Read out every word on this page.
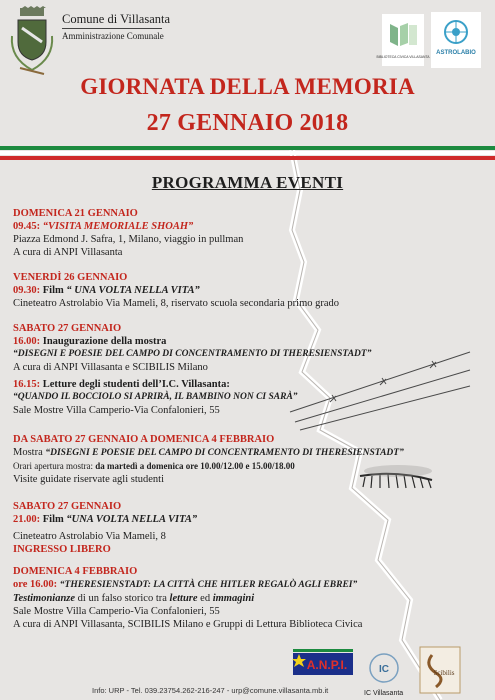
Comune di Villasanta
Amministrazione Comunale
BIBLIOTECA CIVICA VILLASANTA
ASTROLABIO
GIORNATA DELLA MEMORIA
27 GENNAIO 2018
PROGRAMMA EVENTI
DOMENICA 21 GENNAIO
09.45: “VISITA MEMORIALE SHOAH”
Piazza Edmond J. Safra, 1, Milano, viaggio in pullman
A cura di ANPI Villasanta
VENERDÌ 26 GENNAIO
09.30: Film “ UNA VOLTA NELLA VITA”
Cineteatro Astrolabio Via Mameli, 8, riservato scuola secondaria primo grado
SABATO 27 GENNAIO
16.00: Inaugurazione della mostra
“DISEGNI E POESIE DEL CAMPO DI CONCENTRAMENTO DI THERESIENSTADT”
A cura di ANPI Villasanta e SCIBILIS Milano
16.15: Letture degli studenti dell’I.C. Villasanta:
“QUANDO IL BOCCIOLO SI APRIRÀ, IL BAMBINO NON CI SARÀ”
Sale Mostre Villa Camperio-Via Confalonieri, 55
DA SABATO 27 GENNAIO A DOMENICA 4 FEBBRAIO
Mostra “DISEGNI E POESIE DEL CAMPO DI CONCENTRAMENTO DI THERESIENSTADT”
Orari apertura mostra: da martedì a domenica ore 10.00/12.00 e 15.00/18.00
Visite guidate riservate agli studenti
SABATO 27 GENNAIO
21.00: Film “UNA VOLTA NELLA VITA”
Cineteatro Astrolabio Via Mameli, 8
INGRESSO LIBERO
DOMENICA 4 FEBBRAIO
ore 16.00: “THERESIENSTADT: LA CITTÀ CHE HITLER REGALÒ AGLI EBREI”
Testimonianze di un falso storico tra letture ed immagini
Sale Mostre Villa Camperio-Via Confalonieri, 55
A cura di ANPI Villasanta, SCIBILIS Milano e Gruppi di Lettura Biblioteca Civica
A.N.P.I.	IC
IC Villasanta
Scibilis
Info: URP - Tel. 039.23754.262-216-247 - urp@comune.villasanta.mb.it
